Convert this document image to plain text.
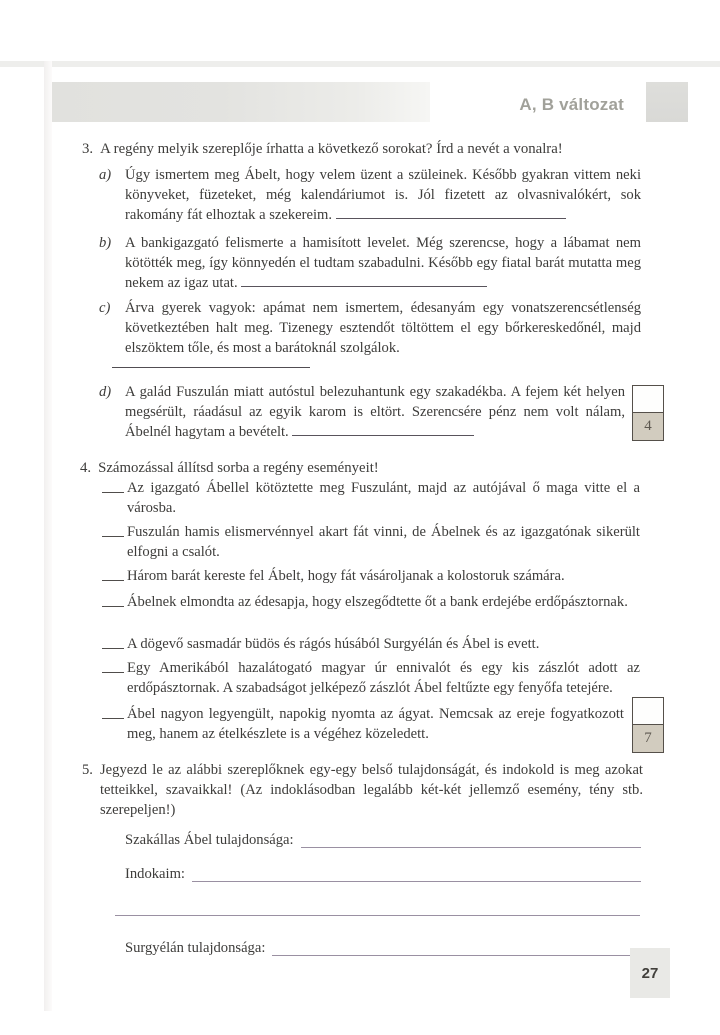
A, B változat
3. A regény melyik szereplője írhatta a következő sorokat? Írd a nevét a vonalra!
a) Úgy ismertem meg Ábelt, hogy velem üzent a szüleinek. Később gyakran vittem neki könyveket, füzeteket, még kalendáriumot is. Jól fizetett az olvasnivalókért, sok rakomány fát elhoztak a szekereim.
b) A bankigazgató felismerte a hamisított levelet. Még szerencse, hogy a lábamat nem kötötték meg, így könnyedén el tudtam szabadulni. Később egy fiatal barát mutatta meg nekem az igaz utat.
c) Árva gyerek vagyok: apámat nem ismertem, édesanyám egy vonatszerencsétlenség következtében halt meg. Tizenegy esztendőt töltöttem el egy bőrkereskedőnél, majd elszöktem tőle, és most a barátoknál szolgálok.
d) A galád Fuszulán miatt autóstul belezuhantunk egy szakadékba. A fejem két helyen megsérült, ráadásul az egyik karom is eltört. Szerencsére pénz nem volt nálam, Ábelnél hagytam a bevételt.	4
4. Számozással állítsd sorba a regény eseményeit!
Az igazgató Ábellel kötöztette meg Fuszulánt, majd az autójával ő maga vitte el a városba.
Fuszulán hamis elismervénnyel akart fát vinni, de Ábelnek és az igazgatónak sikerült elfogni a csalót.
Három barát kereste fel Ábelt, hogy fát vásároljanak a kolostoruk számára.
Ábelnek elmondta az édesapja, hogy elszegődtette őt a bank erdejébe erdőpásztornak.
A dögevő sasmadár büdös és rágós húsából Surgyélán és Ábel is evett.
Egy Amerikából hazalátogató magyar úr ennivalót és egy kis zászlót adott az erdőpásztornak. A szabadságot jelképező zászlót Ábel feltűzte egy fenyőfa tetejére.
Ábel nagyon legyengült, napokig nyomta az ágyat. Nemcsak az ereje fogyatkozott meg, hanem az ételkészlete is a végéhez közeledett.	7
5. Jegyezd le az alábbi szereplőknek egy-egy belső tulajdonságát, és indokold is meg azokat tetteikkel, szavaikkal! (Az indoklásodban legalább két-két jellemző esemény, tény stb. szerepeljen!)
Szakállas Ábel tulajdonsága:
Indokaim:
Surgyélán tulajdonsága:
27
